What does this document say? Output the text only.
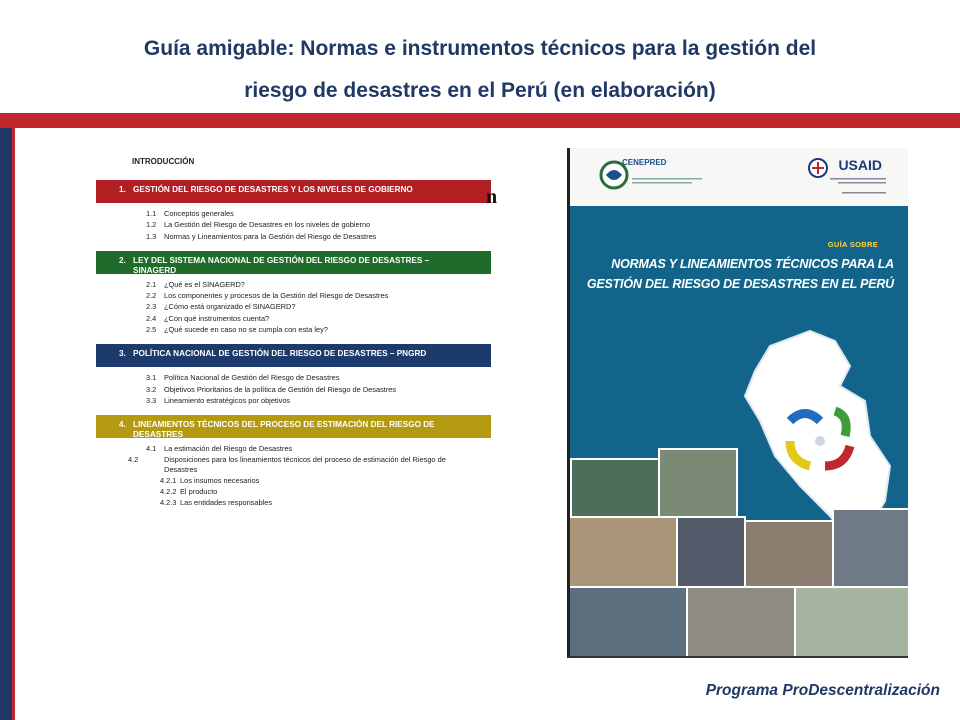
Guía amigable: Normas e instrumentos técnicos para la gestión del
riesgo de desastres en el Perú (en elaboración)
INTRODUCCIÓN
1. GESTIÓN DEL RIESGO DE DESASTRES Y LOS NIVELES DE GOBIERNO
1.1 Conceptos generales
1.2 La Gestión del Riesgo de Desastres en los niveles de gobierno
1.3 Normas y Lineamientos para la Gestión del Riesgo de Desastres
2. LEY DEL SISTEMA NACIONAL DE GESTIÓN DEL RIESGO DE DESASTRES – SINAGERD
2.1 ¿Qué es el SINAGERD?
2.2 Los componentes y procesos de la Gestión del Riesgo de Desastres
2.3 ¿Cómo está organizado el SINAGERD?
2.4 ¿Con qué instrumentos cuenta?
2.5 ¿Qué sucede en caso no se cumpla con esta ley?
3. POLÍTICA NACIONAL DE GESTIÓN DEL RIESGO DE DESASTRES – PNGRD
3.1 Política Nacional de Gestión del Riesgo de Desastres
3.2 Objetivos Prioritarios de la política de Gestión del Riesgo de Desastres
3.3 Lineamiento estratégicos por objetivos
4. LINEAMIENTOS TÉCNICOS DEL PROCESO DE ESTIMACIÓN DEL RIESGO DE DESASTRES
4.1 La estimación del Riesgo de Desastres
4.2	Disposiciones para los lineamientos técnicos del proceso de estimación del Riesgo de Desastres
4.2.1 Los insumos necesarios
4.2.2 El producto
4.2.3 Las entidades responsables
n
CENEPRED	USAID
GUÍA SOBRE
NORMAS Y LINEAMIENTOS TÉCNICOS PARA LA
GESTIÓN DEL RIESGO DE DESASTRES EN EL PERÚ
Programa ProDescentralización
